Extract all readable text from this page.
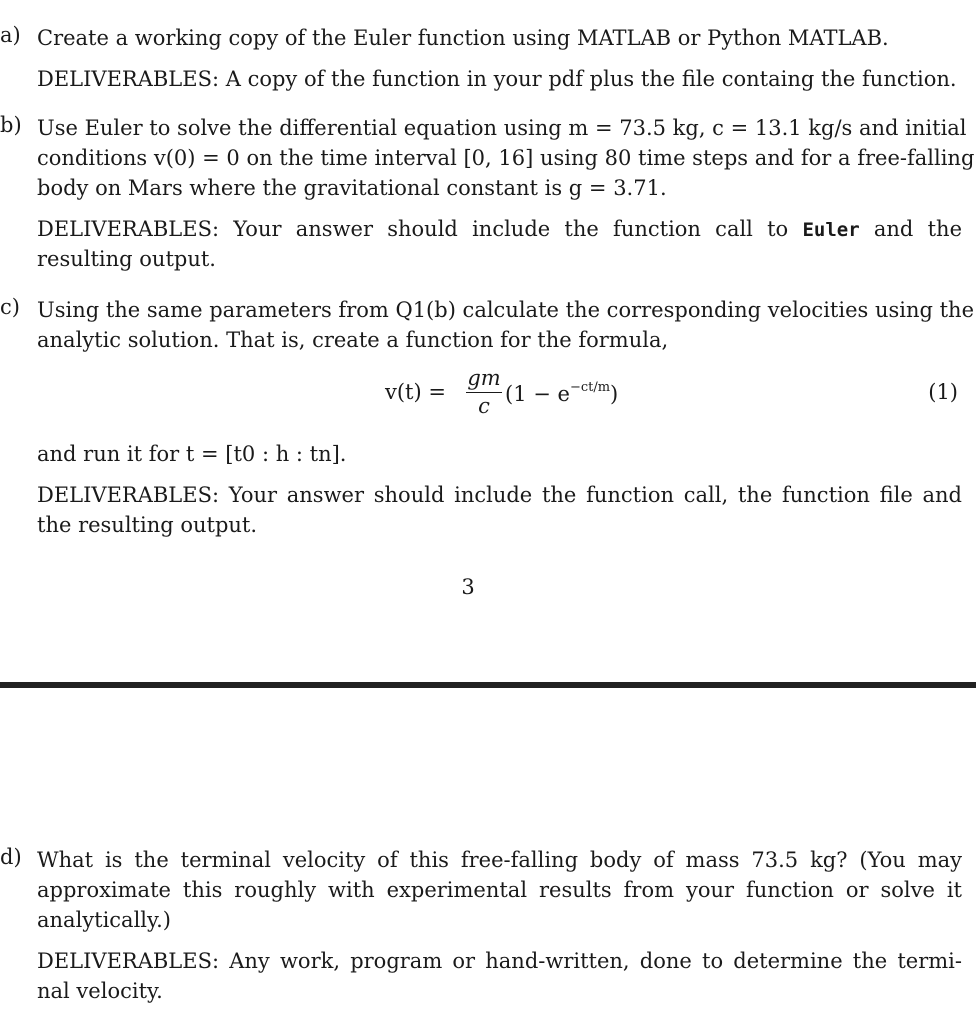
a) Create a working copy of the Euler function using MATLAB or Python MATLAB.
DELIVERABLES: A copy of the function in your pdf plus the file containg the function.
b) Use Euler to solve the differential equation using m = 73.5 kg, c = 13.1 kg/s and initial
conditions v(0) = 0 on the time interval [0, 16] using 80 time steps and for a free-falling
body on Mars where the gravitational constant is g = 3.71.
DELIVERABLES: Your answer should include the function call to Euler and the
resulting output.
c) Using the same parameters from Q1(b) calculate the corresponding velocities using the
analytic solution. That is, create a function for the formula,
v(t) =
gm
c $(1 - e^{-ct/m})$	(1)
and run it for t = [t0 : h : tn].
DELIVERABLES: Your answer should include the function call, the function file and
the resulting output.
3
d) What is the terminal velocity of this free-falling body of mass 73.5 kg? (You may
approximate this roughly with experimental results from your function or solve it
analytically.)
DELIVERABLES: Any work, program or hand-written, done to determine the termi-
nal velocity.
